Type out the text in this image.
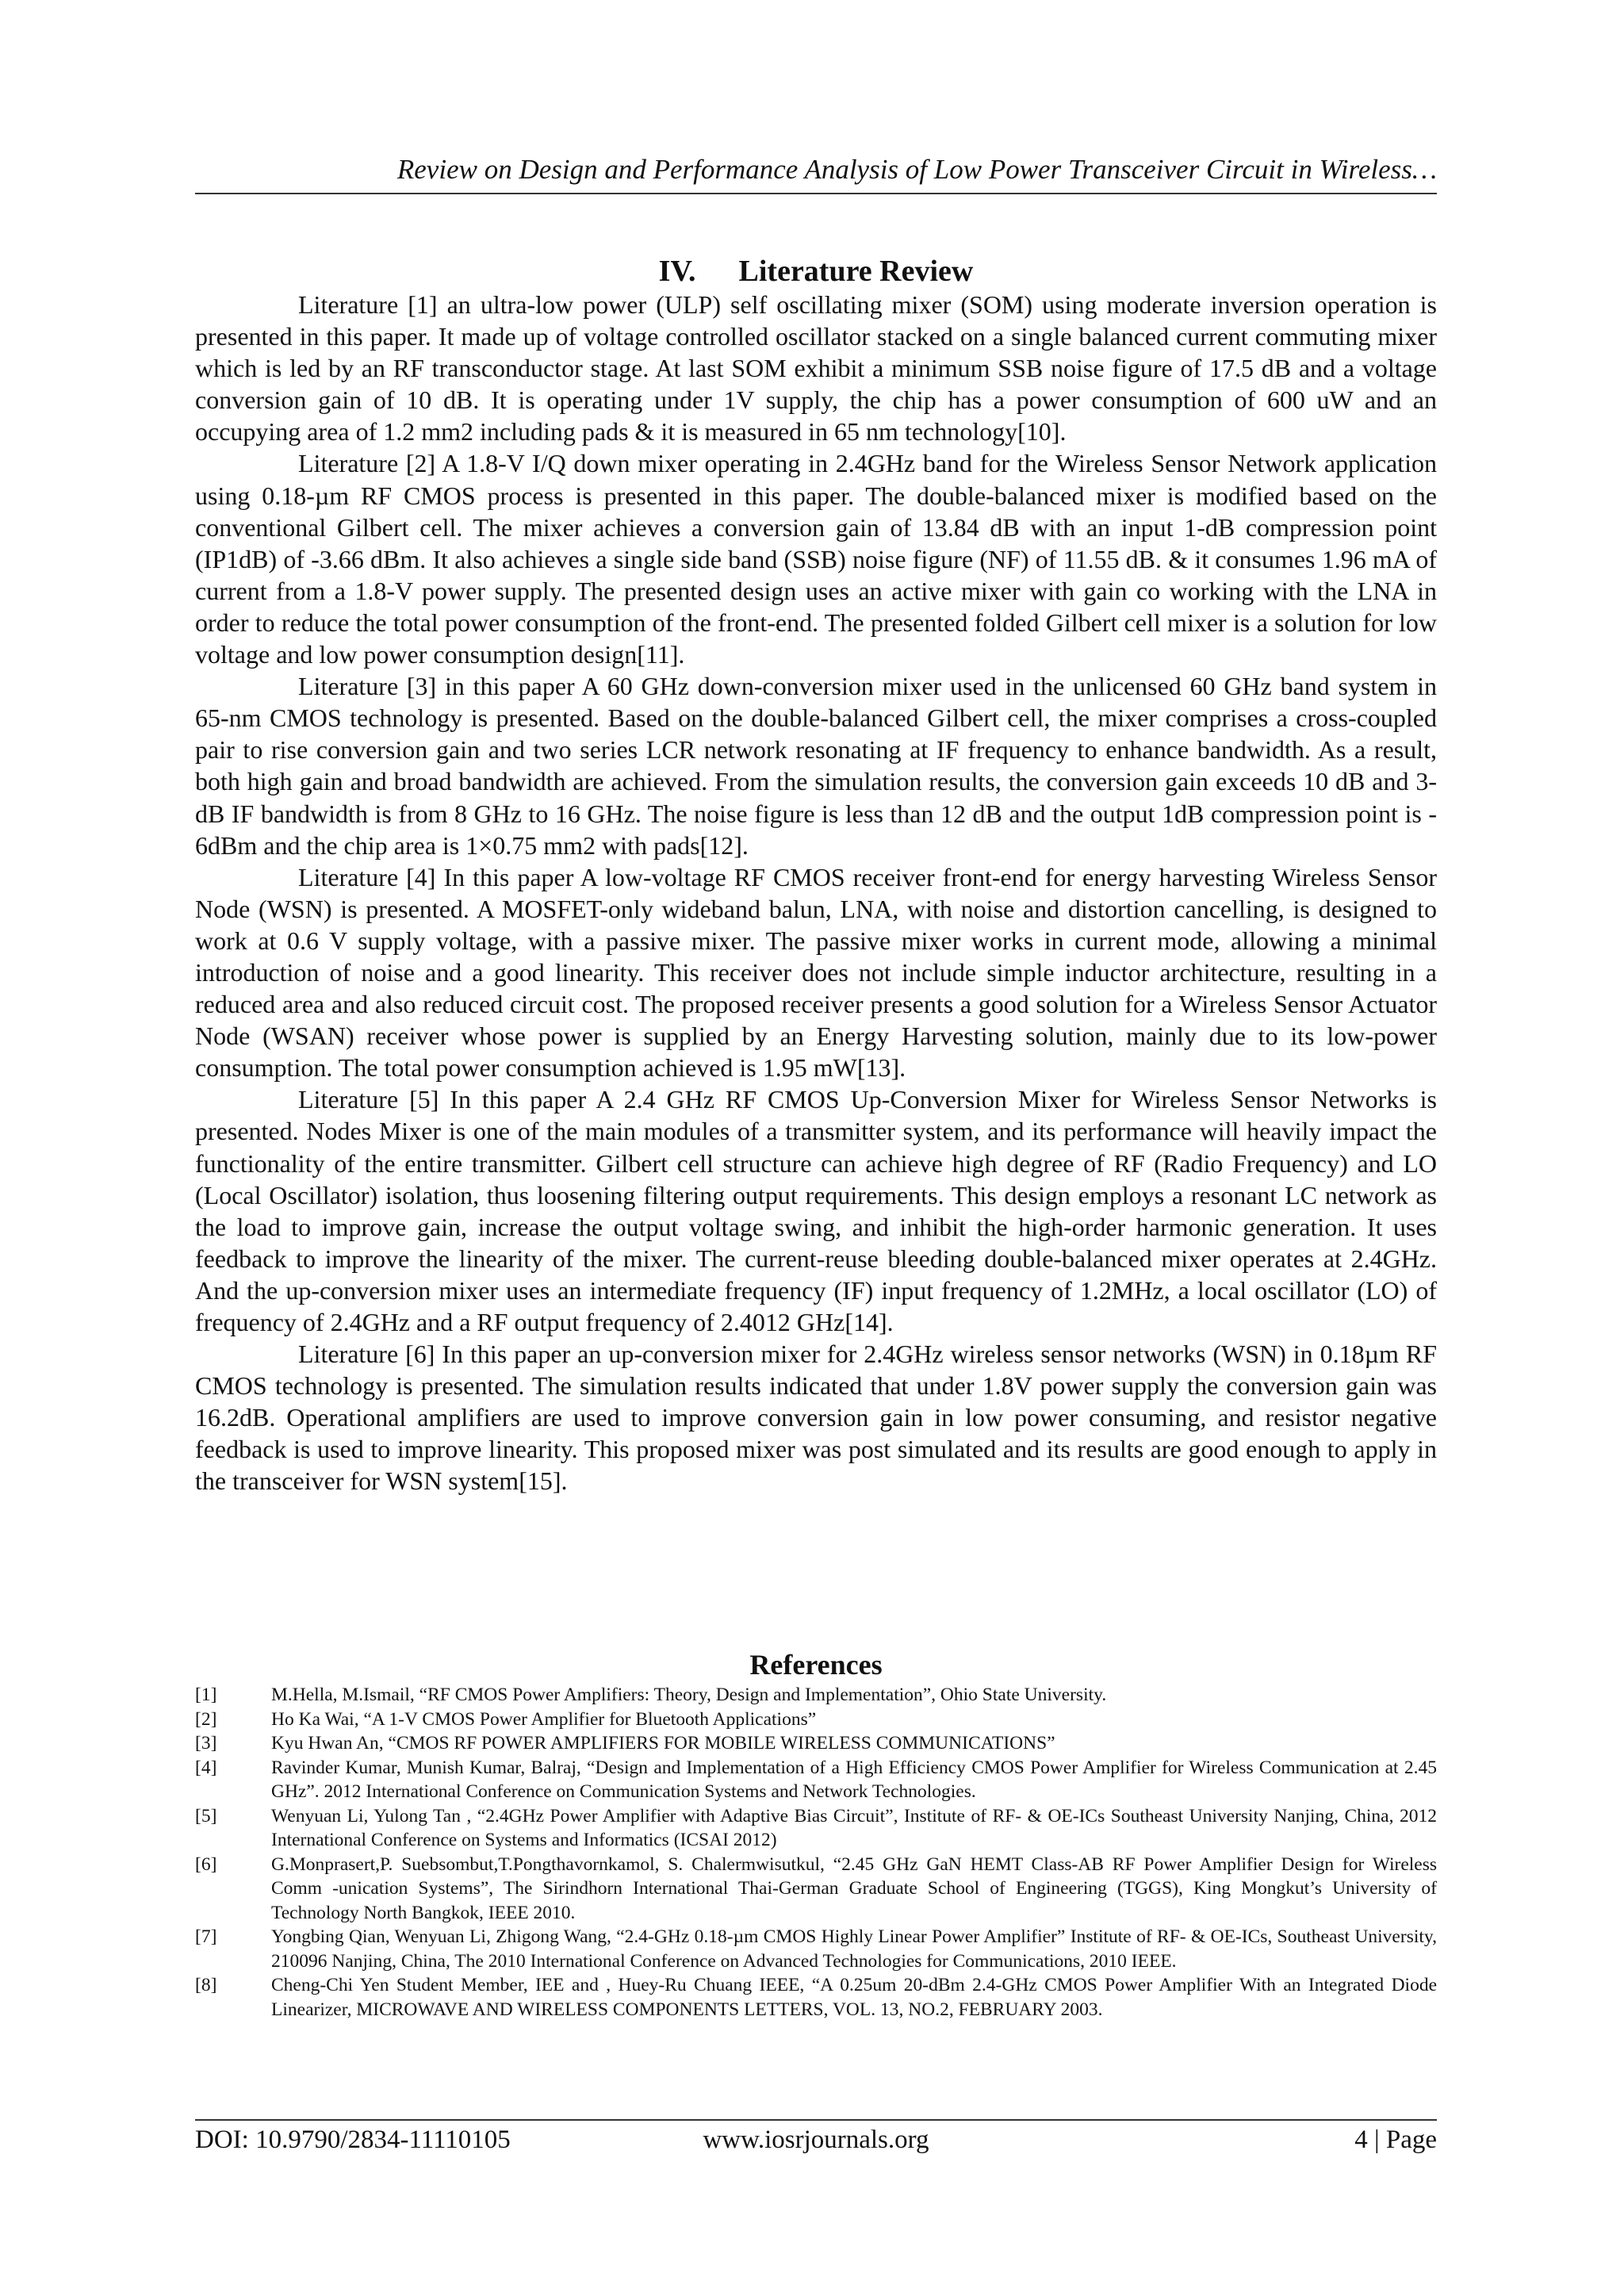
Review on Design and Performance Analysis of Low Power Transceiver Circuit in Wireless…
IV. Literature Review

Literature [1] an ultra-low power (ULP) self oscillating mixer (SOM) using moderate inversion operation is presented in this paper. It made up of voltage controlled oscillator stacked on a single balanced current commuting mixer which is led by an RF transconductor stage. At last SOM exhibit a minimum SSB noise figure of 17.5 dB and a voltage conversion gain of 10 dB. It is operating under 1V supply, the chip has a power consumption of 600 uW and an occupying area of 1.2 mm2 including pads & it is measured in 65 nm technology[10].

Literature [2] A 1.8-V I/Q down mixer operating in 2.4GHz band for the Wireless Sensor Network application using 0.18-µm RF CMOS process is presented in this paper. The double-balanced mixer is modified based on the conventional Gilbert cell. The mixer achieves a conversion gain of 13.84 dB with an input 1-dB compression point (IP1dB) of -3.66 dBm. It also achieves a single side band (SSB) noise figure (NF) of 11.55 dB. & it consumes 1.96 mA of current from a 1.8-V power supply. The presented design uses an active mixer with gain co working with the LNA in order to reduce the total power consumption of the front-end. The presented folded Gilbert cell mixer is a solution for low voltage and low power consumption design[11].

Literature [3] in this paper A 60 GHz down-conversion mixer used in the unlicensed 60 GHz band system in 65-nm CMOS technology is presented. Based on the double-balanced Gilbert cell, the mixer comprises a cross-coupled pair to rise conversion gain and two series LCR network resonating at IF frequency to enhance bandwidth. As a result, both high gain and broad bandwidth are achieved. From the simulation results, the conversion gain exceeds 10 dB and 3-dB IF bandwidth is from 8 GHz to 16 GHz. The noise figure is less than 12 dB and the output 1dB compression point is - 6dBm and the chip area is 1×0.75 mm2 with pads[12].

Literature [4] In this paper A low-voltage RF CMOS receiver front-end for energy harvesting Wireless Sensor Node (WSN) is presented. A MOSFET-only wideband balun, LNA, with noise and distortion cancelling, is designed to work at 0.6 V supply voltage, with a passive mixer. The passive mixer works in current mode, allowing a minimal introduction of noise and a good linearity. This receiver does not include simple inductor architecture, resulting in a reduced area and also reduced circuit cost. The proposed receiver presents a good solution for a Wireless Sensor Actuator Node (WSAN) receiver whose power is supplied by an Energy Harvesting solution, mainly due to its low-power consumption. The total power consumption achieved is 1.95 mW[13].

Literature [5] In this paper A 2.4 GHz RF CMOS Up-Conversion Mixer for Wireless Sensor Networks is presented. Nodes Mixer is one of the main modules of a transmitter system, and its performance will heavily impact the functionality of the entire transmitter. Gilbert cell structure can achieve high degree of RF (Radio Frequency) and LO (Local Oscillator) isolation, thus loosening filtering output requirements. This design employs a resonant LC network as the load to improve gain, increase the output voltage swing, and inhibit the high-order harmonic generation. It uses feedback to improve the linearity of the mixer. The current-reuse bleeding double-balanced mixer operates at 2.4GHz. And the up-conversion mixer uses an intermediate frequency (IF) input frequency of 1.2MHz, a local oscillator (LO) of frequency of 2.4GHz and a RF output frequency of 2.4012 GHz[14].

Literature [6] In this paper an up-conversion mixer for 2.4GHz wireless sensor networks (WSN) in 0.18µm RF CMOS technology is presented. The simulation results indicated that under 1.8V power supply the conversion gain was 16.2dB. Operational amplifiers are used to improve conversion gain in low power consuming, and resistor negative feedback is used to improve linearity. This proposed mixer was post simulated and its results are good enough to apply in the transceiver for WSN system[15].

References
[1]	M.Hella, M.Ismail, “RF CMOS Power Amplifiers: Theory, Design and Implementation”, Ohio State University.
[2]	Ho Ka Wai, “A 1-V CMOS Power Amplifier for Bluetooth Applications”
[3]	Kyu Hwan An, “CMOS RF POWER AMPLIFIERS FOR MOBILE WIRELESS COMMUNICATIONS”
[4]	Ravinder Kumar, Munish Kumar, Balraj, “Design and Implementation of a High Efficiency CMOS Power Amplifier for Wireless Communication at 2.45 GHz”. 2012 International Conference on Communication Systems and Network Technologies.
[5]	Wenyuan Li, Yulong Tan , “2.4GHz Power Amplifier with Adaptive Bias Circuit”, Institute of RF- & OE-ICs Southeast University Nanjing, China, 2012 International Conference on Systems and Informatics (ICSAI 2012)
[6]	G.Monprasert,P. Suebsombut,T.Pongthavornkamol, S. Chalermwisutkul, “2.45 GHz GaN HEMT Class-AB RF Power Amplifier Design for Wireless Comm -unication Systems”, The Sirindhorn International Thai-German Graduate School of Engineering (TGGS), King Mongkut’s University of Technology North Bangkok, IEEE 2010.
[7]	Yongbing Qian, Wenyuan Li, Zhigong Wang, “2.4-GHz 0.18-µm CMOS Highly Linear Power Amplifier” Institute of RF- & OE-ICs, Southeast University, 210096 Nanjing, China, The 2010 International Conference on Advanced Technologies for Communications, 2010 IEEE.
[8]	Cheng-Chi Yen Student Member, IEE and , Huey-Ru Chuang IEEE, “A 0.25um 20-dBm 2.4-GHz CMOS Power Amplifier With an Integrated Diode Linearizer, MICROWAVE AND WIRELESS COMPONENTS LETTERS, VOL. 13, NO.2, FEBRUARY 2003.
DOI: 10.9790/2834-11110105	www.iosrjournals.org	4 | Page
